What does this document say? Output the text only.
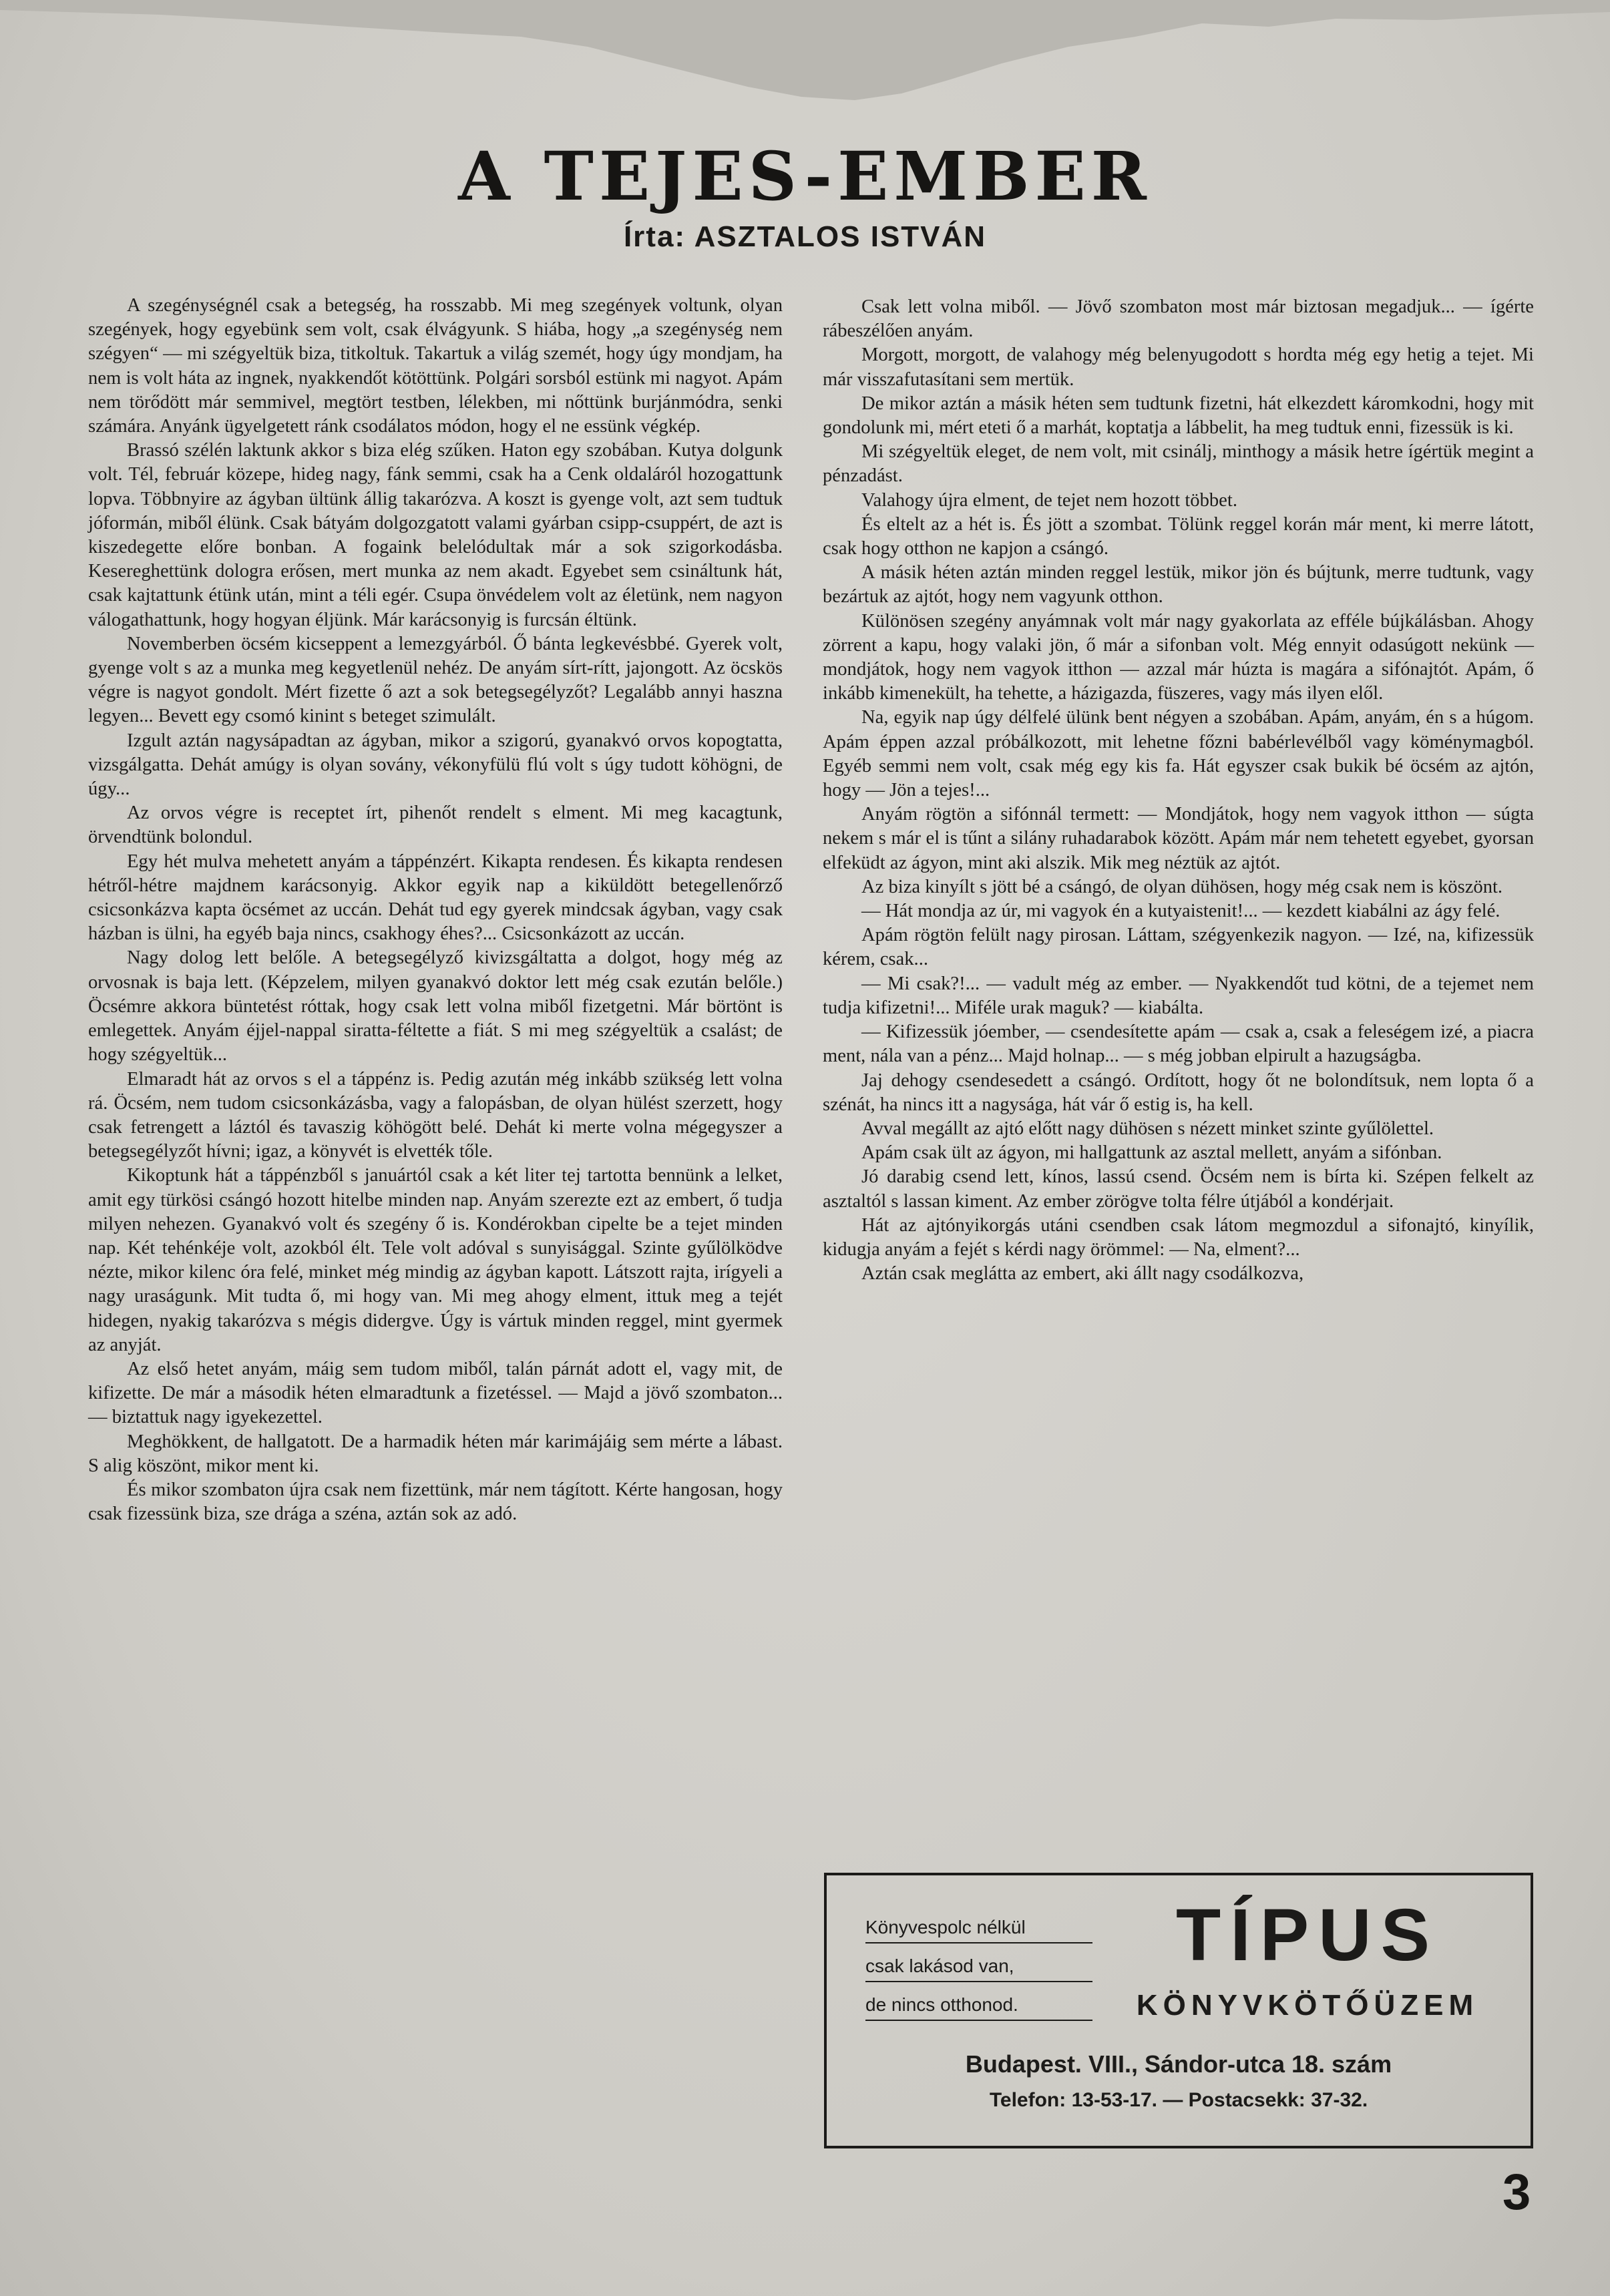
A TEJES-EMBER
Írta: ASZTALOS ISTVÁN

A szegénységnél csak a betegség, ha rosszabb. Mi meg szegények voltunk, olyan szegények, hogy egyebünk sem volt, csak élvágyunk. S hiába, hogy „a szegénység nem szégyen“ — mi szégyeltük biza, titkoltuk. Takartuk a világ szemét, hogy úgy mondjam, ha nem is volt háta az ingnek, nyakkendőt kötöttünk. Polgári sorsból estünk mi nagyot. Apám nem törődött már semmivel, megtört testben, lélekben, mi nőttünk burjánmódra, senki számára. Anyánk ügyelgetett ránk csodálatos módon, hogy el ne essünk végkép.

Brassó szélén laktunk akkor s biza elég szűken. Haton egy szobában. Kutya dolgunk volt. Tél, február közepe, hideg nagy, fánk semmi, csak ha a Cenk oldaláról hozogattunk lopva. Többnyire az ágyban ültünk állig takarózva. A koszt is gyenge volt, azt sem tudtuk jóformán, miből élünk. Csak bátyám dolgozgatott valami gyárban csipp-csuppért, de azt is kiszedegette előre bonban. A fogaink belelódultak már a sok szigorkodásba. Kesereghettünk dologra erősen, mert munka az nem akadt. Egyebet sem csináltunk hát, csak kajtattunk étünk után, mint a téli egér. Csupa önvédelem volt az életünk, nem nagyon válogathattunk, hogy hogyan éljünk. Már karácsonyig is furcsán éltünk.

Novemberben öcsém kicseppent a lemezgyárból. Ő bánta legkevésbbé. Gyerek volt, gyenge volt s az a munka meg kegyetlenül nehéz. De anyám sírt-rítt, jajongott. Az öcskös végre is nagyot gondolt. Mért fizette ő azt a sok betegsegélyzőt? Legalább annyi haszna legyen... Bevett egy csomó kinint s beteget szimulált.

Izgult aztán nagysápadtan az ágyban, mikor a szigorú, gyanakvó orvos kopogtatta, vizsgálgatta. Dehát amúgy is olyan sovány, vékonyfülü flú volt s úgy tudott köhögni, de úgy...

Az orvos végre is receptet írt, pihenőt rendelt s elment. Mi meg kacagtunk, örvendtünk bolondul.

Egy hét mulva mehetett anyám a táppénzért. Kikapta rendesen. És kikapta rendesen hétről-hétre majdnem karácsonyig. Akkor egyik nap a kiküldött betegellenőrző csicsonkázva kapta öcsémet az uccán. Dehát tud egy gyerek mindcsak ágyban, vagy csak házban is ülni, ha egyéb baja nincs, csakhogy éhes?... Csicsonkázott az uccán.

Nagy dolog lett belőle. A betegsegélyző kivizsgáltatta a dolgot, hogy még az orvosnak is baja lett. (Képzelem, milyen gyanakvó doktor lett még csak ezután belőle.) Öcsémre akkora büntetést róttak, hogy csak lett volna miből fizetgetni. Már börtönt is emlegettek. Anyám éjjel-nappal siratta-féltette a fiát. S mi meg szégyeltük a csalást; de hogy szégyeltük...

Elmaradt hát az orvos s el a táppénz is. Pedig azután még inkább szükség lett volna rá. Öcsém, nem tudom csicsonkázásba, vagy a falopásban, de olyan hülést szerzett, hogy csak fetrengett a láztól és tavaszig köhögött belé. Dehát ki merte volna mégegyszer a betegsegélyzőt hívni; igaz, a könyvét is elvették tőle.

Kikoptunk hát a táppénzből s januártól csak a két liter tej tartotta bennünk a lelket, amit egy türkösi csángó hozott hitelbe minden nap. Anyám szerezte ezt az embert, ő tudja milyen nehezen. Gyanakvó volt és szegény ő is. Kondérokban cipelte be a tejet minden nap. Két tehénkéje volt, azokból élt. Tele volt adóval s sunyisággal. Szinte gyűlölködve nézte, mikor kilenc óra felé, minket még mindig az ágyban kapott. Látszott rajta, irígyeli a nagy uraságunk. Mit tudta ő, mi hogy van. Mi meg ahogy elment, ittuk meg a tejét hidegen, nyakig takarózva s mégis didergve. Úgy is vártuk minden reggel, mint gyermek az anyját.

Az első hetet anyám, máig sem tudom miből, talán párnát adott el, vagy mit, de kifizette. De már a második héten elmaradtunk a fizetéssel. — Majd a jövő szombaton... — biztattuk nagy igyekezettel.

Meghökkent, de hallgatott. De a harmadik héten már karimájáig sem mérte a lábast. S alig köszönt, mikor ment ki.

És mikor szombaton újra csak nem fizettünk, már nem tágított. Kérte hangosan, hogy csak fizessünk biza, sze drága a széna, aztán sok az adó.

Csak lett volna miből. — Jövő szombaton most már biztosan megadjuk... — ígérte rábeszélően anyám.

Morgott, morgott, de valahogy még belenyugodott s hordta még egy hetig a tejet. Mi már visszafutasítani sem mertük.

De mikor aztán a másik héten sem tudtunk fizetni, hát elkezdett káromkodni, hogy mit gondolunk mi, mért eteti ő a marhát, koptatja a lábbelit, ha meg tudtuk enni, fizessük is ki.

Mi szégyeltük eleget, de nem volt, mit csinálj, minthogy a másik hetre ígértük megint a pénzadást.

Valahogy újra elment, de tejet nem hozott többet.

És eltelt az a hét is. És jött a szombat. Tölünk reggel korán már ment, ki merre látott, csak hogy otthon ne kapjon a csángó.

A másik héten aztán minden reggel lestük, mikor jön és bújtunk, merre tudtunk, vagy bezártuk az ajtót, hogy nem vagyunk otthon.

Különösen szegény anyámnak volt már nagy gyakorlata az efféle bújkálásban. Ahogy zörrent a kapu, hogy valaki jön, ő már a sifonban volt. Még ennyit odasúgott nekünk — mondjátok, hogy nem vagyok itthon — azzal már húzta is magára a sifónajtót. Apám, ő inkább kimenekült, ha tehette, a házigazda, füszeres, vagy más ilyen elől.

Na, egyik nap úgy délfelé ülünk bent négyen a szobában. Apám, anyám, én s a húgom. Apám éppen azzal próbálkozott, mit lehetne főzni babérlevélből vagy köménymagból. Egyéb semmi nem volt, csak még egy kis fa. Hát egyszer csak bukik bé öcsém az ajtón, hogy — Jön a tejes!...

Anyám rögtön a sifónnál termett: — Mondjátok, hogy nem vagyok itthon — súgta nekem s már el is tűnt a silány ruhadarabok között. Apám már nem tehetett egyebet, gyorsan elfeküdt az ágyon, mint aki alszik. Mik meg néztük az ajtót.

Az biza kinyílt s jött bé a csángó, de olyan dühösen, hogy még csak nem is köszönt.

— Hát mondja az úr, mi vagyok én a kutyaistenit!... — kezdett kiabálni az ágy felé.

Apám rögtön felült nagy pirosan. Láttam, szégyenkezik nagyon. — Izé, na, kifizessük kérem, csak...

— Mi csak?!... — vadult még az ember. — Nyakkendőt tud kötni, de a tejemet nem tudja kifizetni!... Miféle urak maguk? — kiabálta.

— Kifizessük jóember, — csendesítette apám — csak a, csak a feleségem izé, a piacra ment, nála van a pénz... Majd holnap... — s még jobban elpirult a hazugságba.

Jaj dehogy csendesedett a csángó. Ordított, hogy őt ne bolondítsuk, nem lopta ő a szénát, ha nincs itt a nagysága, hát vár ő estig is, ha kell.

Avval megállt az ajtó előtt nagy dühösen s nézett minket szinte gyűlölettel.

Apám csak ült az ágyon, mi hallgattunk az asztal mellett, anyám a sifónban.

Jó darabig csend lett, kínos, lassú csend. Öcsém nem is bírta ki. Szépen felkelt az asztaltól s lassan kiment. Az ember zörögve tolta félre útjából a kondérjait.

Hát az ajtónyikorgás utáni csendben csak látom megmozdul a sifonajtó, kinyílik, kidugja anyám a fejét s kérdi nagy örömmel: — Na, elment?...

Aztán csak meglátta az embert, aki állt nagy csodálkozva,

Könyvespolc nélkül
csak lakásod van,
de nincs otthonod.
TÍPUS
KÖNYVKÖTŐÜZEM
Budapest. VIII., Sándor-utca 18. szám
Telefon: 13-53-17. — Postacsekk: 37-32.
3
